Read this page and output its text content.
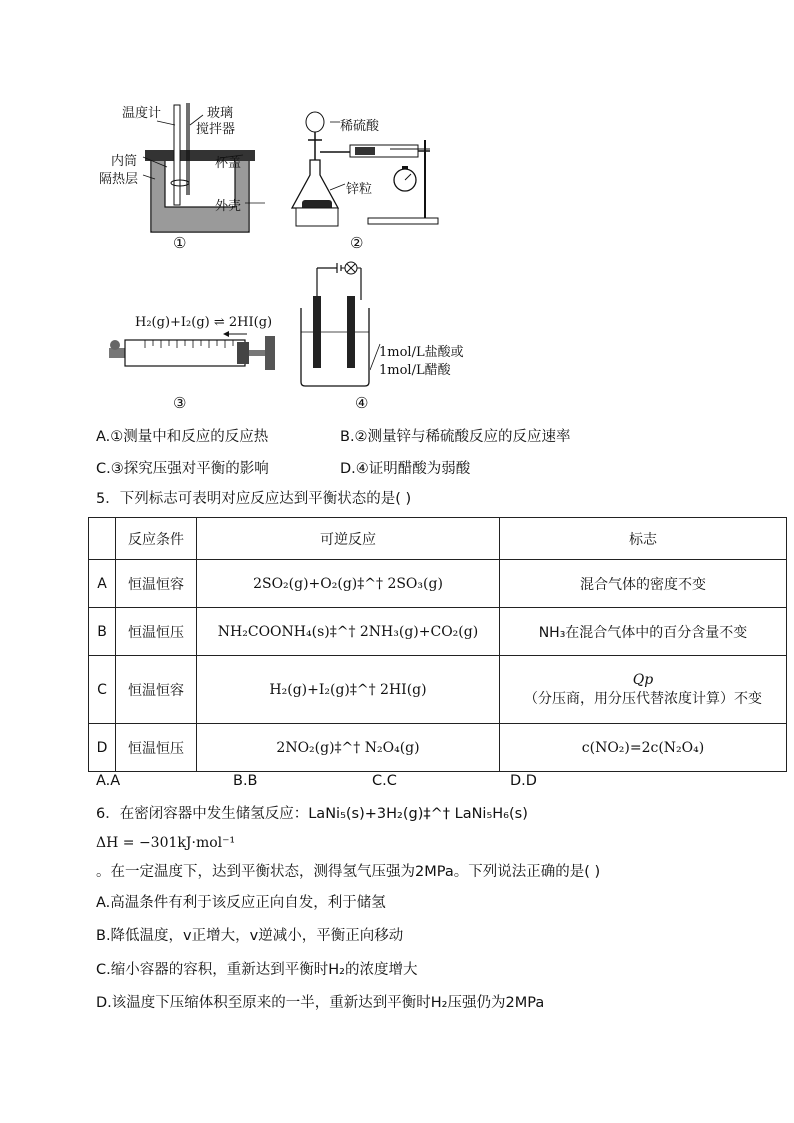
温度计	玻璃
搅拌器
内筒	杯盖
隔热层
外壳
①
稀硫酸
锌粒
②
H₂(g)+I₂(g) ⇌ 2HI(g)
③
1mol/L盐酸或
1mol/L醋酸
④
A.①测量中和反应的反应热	B.②测量锌与稀硫酸反应的反应速率
C.③探究压强对平衡的影响	D.④证明醋酸为弱酸
5．下列标志可表明对应反应达到平衡状态的是( )
	反应条件	可逆反应	标志
A	恒温恒容	2SO₂(g)+O₂(g)‡^† 2SO₃(g)	混合气体的密度不变
B	恒温恒压	NH₂COONH₄(s)‡^† 2NH₃(g)+CO₂(g)	NH₃在混合气体中的百分含量不变
C	恒温恒容	H₂(g)+I₂(g)‡^† 2HI(g)	Qp
（分压商，用分压代替浓度计算）不变

D	恒温恒压	2NO₂(g)‡^† N₂O₄(g)	c(NO₂)=2c(N₂O₄)
A.A	B.B	C.C	D.D
6．在密闭容器中发生储氢反应：LaNi₅(s)+3H₂(g)‡^† LaNi₅H₆(s)
ΔH = −301kJ·mol⁻¹
。在一定温度下，达到平衡状态，测得氢气压强为2MPa。下列说法正确的是( )
A.高温条件有利于该反应正向自发，利于储氢
B.降低温度，v正增大，v逆减小，平衡正向移动
C.缩小容器的容积，重新达到平衡时H₂的浓度增大
D.该温度下压缩体积至原来的一半，重新达到平衡时H₂压强仍为2MPa
